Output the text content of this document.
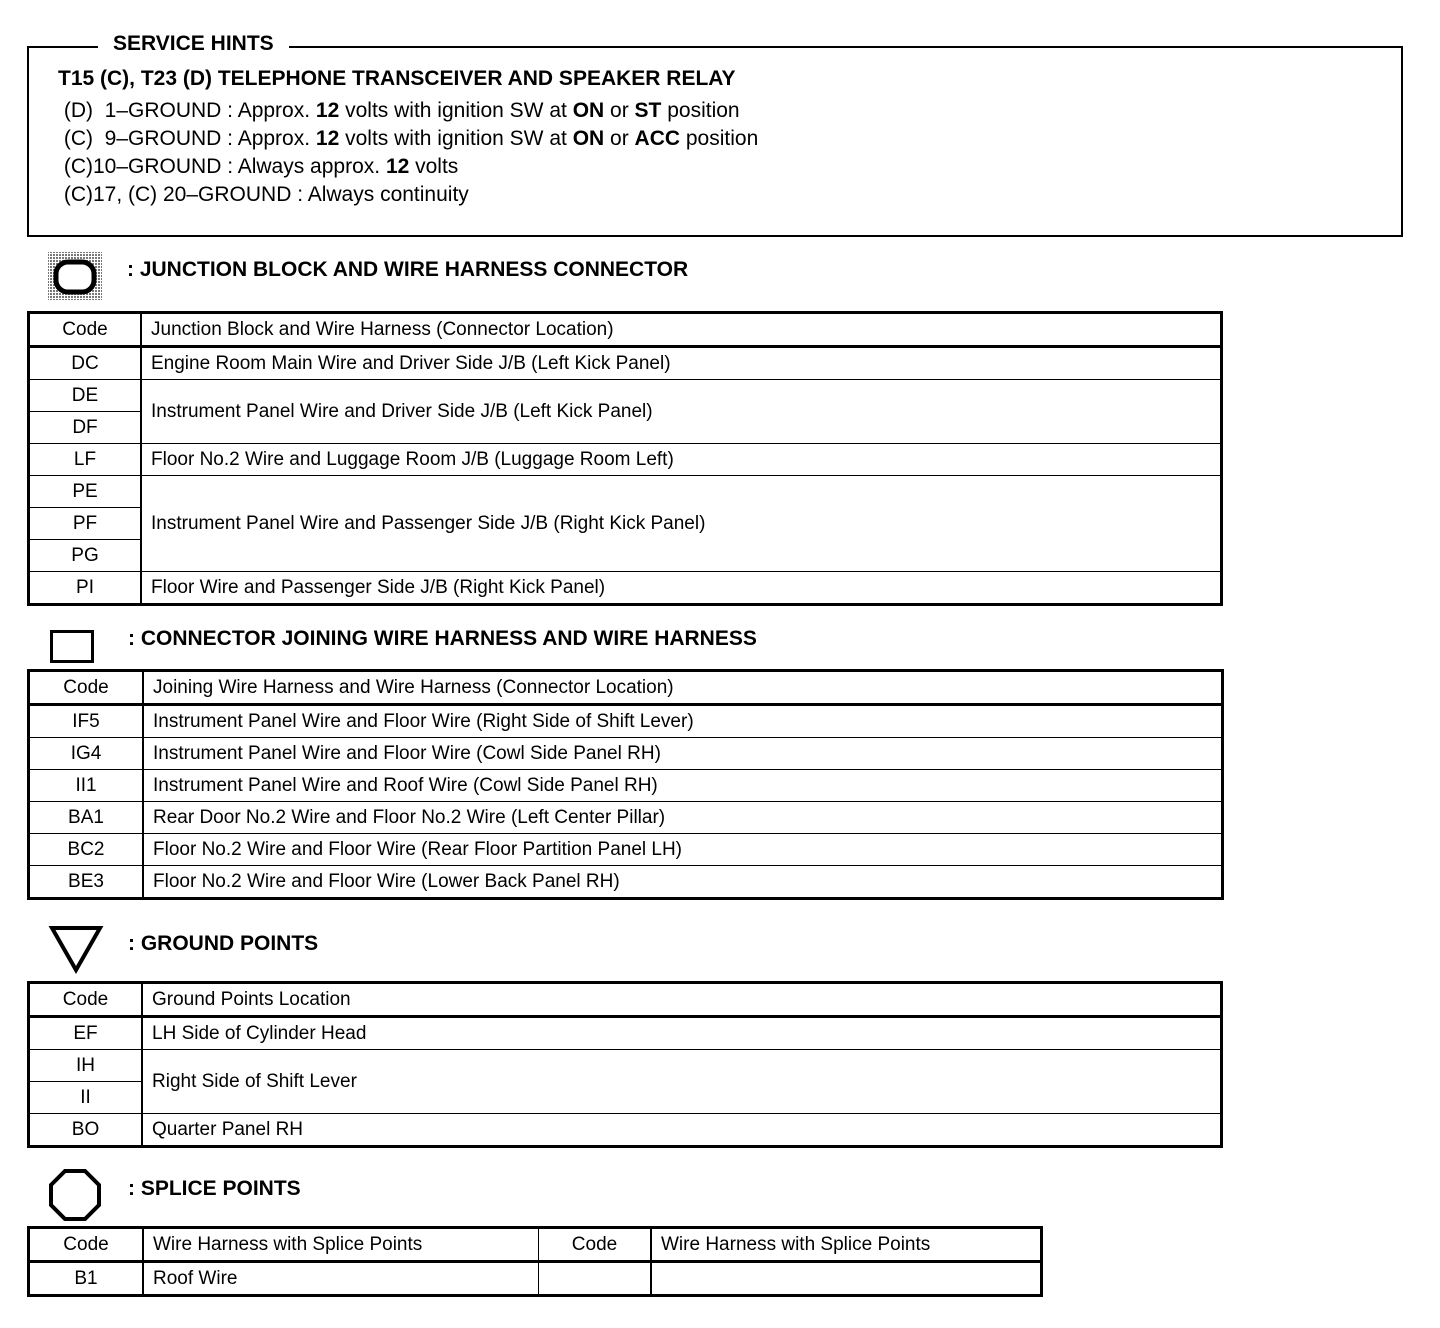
SERVICE HINTS
T15 (C), T23 (D) TELEPHONE TRANSCEIVER AND SPEAKER RELAY
(D)  1–GROUND : Approx. 12 volts with ignition SW at ON or ST position
(C)  9–GROUND : Approx. 12 volts with ignition SW at ON or ACC position
(C)10–GROUND : Always approx. 12 volts
(C)17, (C) 20–GROUND : Always continuity
: JUNCTION BLOCK AND WIRE HARNESS CONNECTOR
Code	Junction Block and Wire Harness (Connector Location)
DC	Engine Room Main Wire and Driver Side J/B (Left Kick Panel)
DE	Instrument Panel Wire and Driver Side J/B (Left Kick Panel)
DF	
LF	Floor No.2 Wire and Luggage Room J/B (Luggage Room Left)
PE	Instrument Panel Wire and Passenger Side J/B (Right Kick Panel)
PF	
PG	
PI	Floor Wire and Passenger Side J/B (Right Kick Panel)
: CONNECTOR JOINING WIRE HARNESS AND WIRE HARNESS
Code	Joining Wire Harness and Wire Harness (Connector Location)
IF5	Instrument Panel Wire and Floor Wire (Right Side of Shift Lever)
IG4	Instrument Panel Wire and Floor Wire (Cowl Side Panel RH)
II1	Instrument Panel Wire and Roof Wire (Cowl Side Panel RH)
BA1	Rear Door No.2 Wire and Floor No.2 Wire (Left Center Pillar)
BC2	Floor No.2 Wire and Floor Wire (Rear Floor Partition Panel LH)
BE3	Floor No.2 Wire and Floor Wire (Lower Back Panel RH)
: GROUND POINTS
Code	Ground Points Location
EF	LH Side of Cylinder Head
IH	Right Side of Shift Lever
II	
BO	Quarter Panel RH
: SPLICE POINTS
Code	Wire Harness with Splice Points	Code	Wire Harness with Splice Points
B1	Roof Wire		
